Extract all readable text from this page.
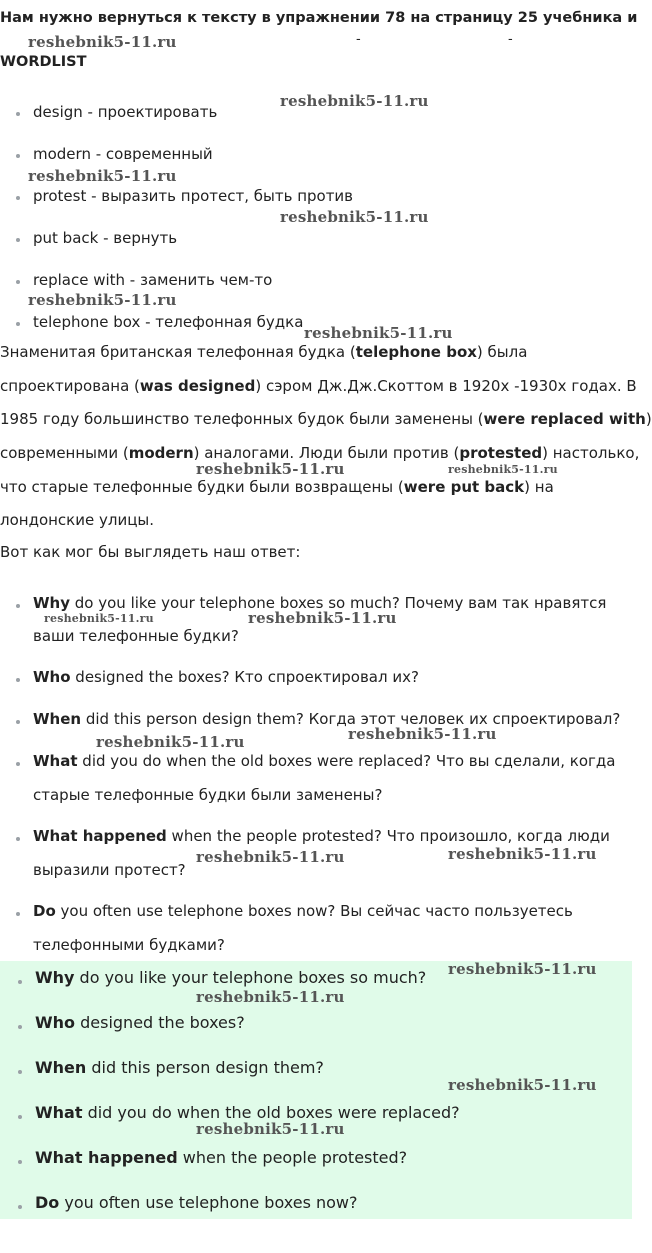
Нам нужно вернуться к тексту в упражнении 78 на страницу 25 учебника и
-	-
WORDLIST
design - проектировать
modern - современный
protest - выразить протест, быть против
put back - вернуть
replace with - заменить чем-то
telephone box - телефонная будка
Знаменитая британская телефонная будка (telephone box) была
спроектирована (was designed) сэром Дж.Дж.Скоттом в 1920х -1930х годах. В
1985 году большинство телефонных будок были заменены (were replaced with)
современными (modern) аналогами. Люди были против (protested) настолько,
что старые телефонные будки были возвращены (were put back) на
лондонские улицы.
Вот как мог бы выглядеть наш ответ:
Why do you like your telephone boxes so much? Почему вам так нравятся
ваши телефонные будки?
Who designed the boxes? Кто спроектировал их?
When did this person design them? Когда этот человек их спроектировал?
What did you do when the old boxes were replaced? Что вы сделали, когда
старые телефонные будки были заменены?
What happened when the people protested? Что произошло, когда люди
выразили протест?
Do you often use telephone boxes now? Вы сейчас часто пользуетесь
телефонными будками?
Why do you like your telephone boxes so much?
Who designed the boxes?
When did this person design them?
What did you do when the old boxes were replaced?
What happened when the people protested?
Do you often use telephone boxes now?
reshebnik5-11.ru
reshebnik5-11.ru
reshebnik5-11.ru
reshebnik5-11.ru
reshebnik5-11.ru
reshebnik5-11.ru
reshebnik5-11.ru	reshebnik5-11.ru
reshebnik5-11.ru	reshebnik5-11.ru
reshebnik5-11.ru
reshebnik5-11.ru
reshebnik5-11.ru
reshebnik5-11.ru
reshebnik5-11.ru
reshebnik5-11.ru
reshebnik5-11.ru
reshebnik5-11.ru
